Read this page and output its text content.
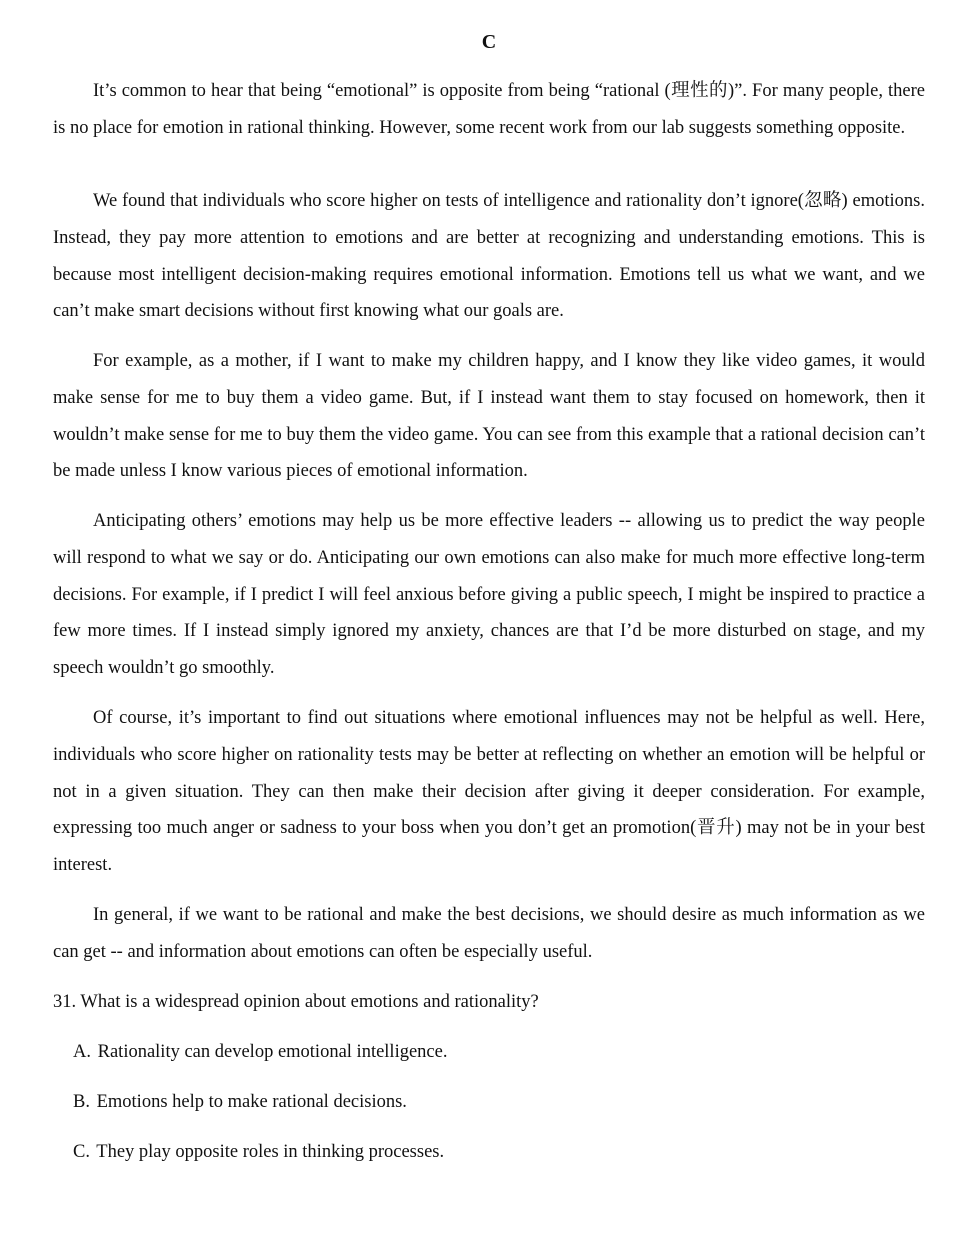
C

It’s common to hear that being “emotional” is opposite from being “rational (理性的)”. For many people, there is no place for emotion in rational thinking. However, some recent work from our lab suggests something opposite.

We found that individuals who score higher on tests of intelligence and rationality don’t ignore(忽略) emotions. Instead, they pay more attention to emotions and are better at recognizing and understanding emotions. This is because most intelligent decision-making requires emotional information. Emotions tell us what we want, and we can’t make smart decisions without first knowing what our goals are.

For example, as a mother, if I want to make my children happy, and I know they like video games, it would make sense for me to buy them a video game. But, if I instead want them to stay focused on homework, then it wouldn’t make sense for me to buy them the video game. You can see from this example that a rational decision can’t be made unless I know various pieces of emotional information.

Anticipating others’ emotions may help us be more effective leaders -- allowing us to predict the way people will respond to what we say or do. Anticipating our own emotions can also make for much more effective long-term decisions. For example, if I predict I will feel anxious before giving a public speech, I might be inspired to practice a few more times. If I instead simply ignored my anxiety, chances are that I’d be more disturbed on stage, and my speech wouldn’t go smoothly.

Of course, it’s important to find out situations where emotional influences may not be helpful as well. Here, individuals who score higher on rationality tests may be better at reflecting on whether an emotion will be helpful or not in a given situation. They can then make their decision after giving it deeper consideration. For example, expressing too much anger or sadness to your boss when you don’t get an promotion(晋升) may not be in your best interest.

In general, if we want to be rational and make the best decisions, we should desire as much information as we can get -- and information about emotions can often be especially useful.

31. What is a widespread opinion about emotions and rationality?

A. Rationality can develop emotional intelligence.

B. Emotions help to make rational decisions.

C. They play opposite roles in thinking processes.
